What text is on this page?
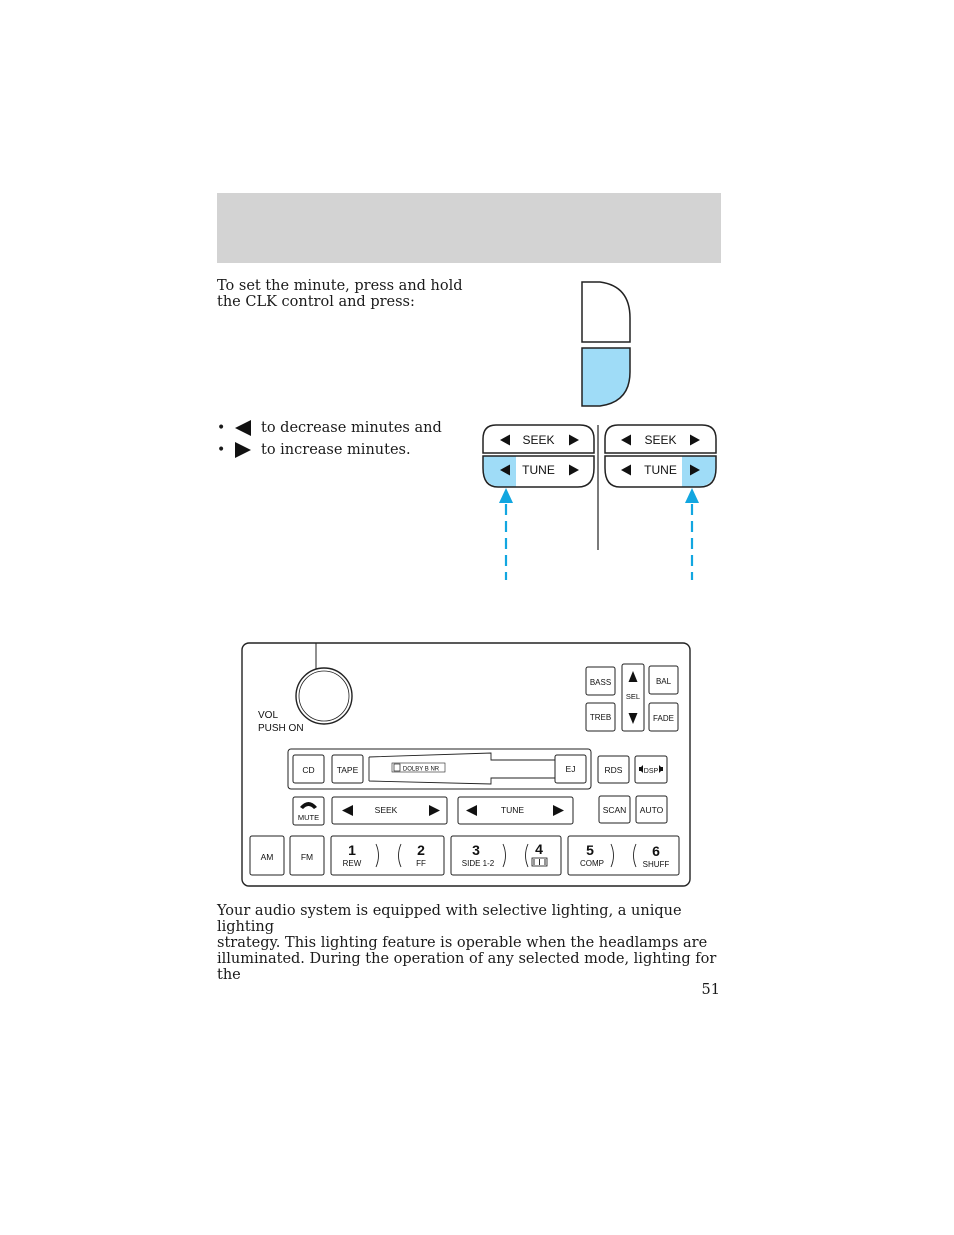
To set the minute, press and hold
the CLK control and press:
•	to decrease minutes and
•	to increase minutes.
SEEK
TUNE
SEEK
TUNE
VOL
PUSH ON
BASS
SEL
BAL
TREB	FADE
CD	TAPE	DOLBY B NR	EJ	RDS	DSP
MUTE
SEEK	TUNE	SCAN AUTO
AM	FM 1
REW
2
FF
3
SIDE 1-2
4	5
COMP
6
SHUFF
Your audio system is equipped with selective lighting, a unique lighting
strategy. This lighting feature is operable when the headlamps are
illuminated. During the operation of any selected mode, lighting for the
51
